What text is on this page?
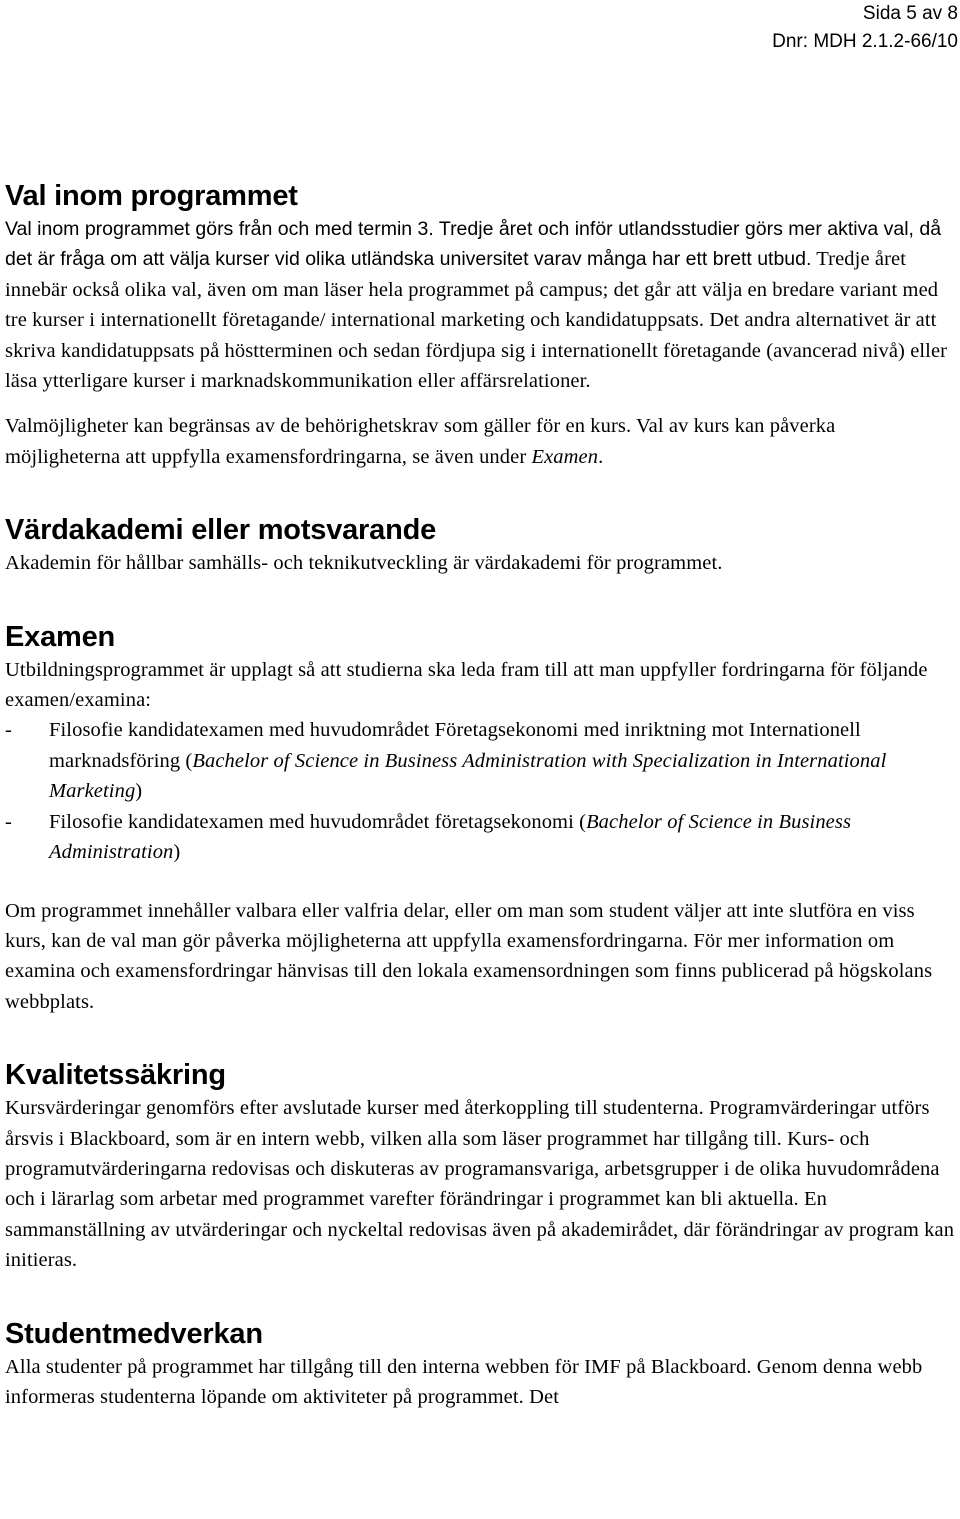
Sida 5 av 8
Dnr: MDH 2.1.2-66/10
Val inom programmet

Val inom programmet görs från och med termin 3. Tredje året och inför utlandsstudier görs mer aktiva val, då det är fråga om att välja kurser vid olika utländska universitet varav många har ett brett utbud. Tredje året innebär också olika val, även om man läser hela programmet på campus; det går att välja en bredare variant med tre kurser i internationellt företagande/ international marketing och kandidatuppsats. Det andra alternativet är att skriva kandidatuppsats på höstterminen och sedan fördjupa sig i internationellt företagande (avancerad nivå) eller läsa ytterligare kurser i marknadskommunikation eller affärsrelationer.

Valmöjligheter kan begränsas av de behörighetskrav som gäller för en kurs. Val av kurs kan påverka möjligheterna att uppfylla examensfordringarna, se även under Examen.

Värdakademi eller motsvarande

Akademin för hållbar samhälls- och teknikutveckling är värdakademi för programmet.

Examen

Utbildningsprogrammet är upplagt så att studierna ska leda fram till att man uppfyller fordringarna för följande examen/examina:

- Filosofie kandidatexamen med huvudområdet Företagsekonomi med inriktning mot Internationell marknadsföring (Bachelor of Science in Business Administration with Specialization in International Marketing)
- Filosofie kandidatexamen med huvudområdet företagsekonomi (Bachelor of Science in Business Administration)

Om programmet innehåller valbara eller valfria delar, eller om man som student väljer att inte slutföra en viss kurs, kan de val man gör påverka möjligheterna att uppfylla examensfordringarna. För mer information om examina och examensfordringar hänvisas till den lokala examensordningen som finns publicerad på högskolans webbplats.

Kvalitetssäkring

Kursvärderingar genomförs efter avslutade kurser med återkoppling till studenterna. Programvärderingar utförs årsvis i Blackboard, som är en intern webb, vilken alla som läser programmet har tillgång till. Kurs- och programutvärderingarna redovisas och diskuteras av programansvariga, arbetsgrupper i de olika huvudområdena och i lärarlag som arbetar med programmet varefter förändringar i programmet kan bli aktuella. En sammanställning av utvärderingar och nyckeltal redovisas även på akademirådet, där förändringar av program kan initieras.

Studentmedverkan

Alla studenter på programmet har tillgång till den interna webben för IMF på Blackboard. Genom denna webb informeras studenterna löpande om aktiviteter på programmet. Det
